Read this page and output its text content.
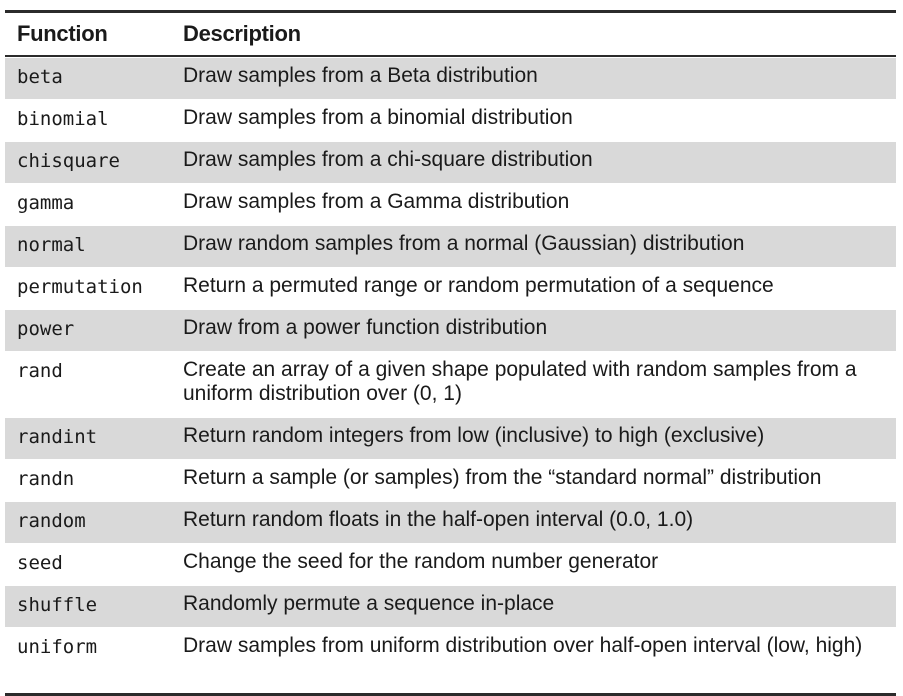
Function	Description
beta	Draw samples from a Beta distribution
binomial	Draw samples from a binomial distribution
chisquare	Draw samples from a chi-square distribution
gamma	Draw samples from a Gamma distribution
normal	Draw random samples from a normal (Gaussian) distribution
permutation	Return a permuted range or random permutation of a sequence
power	Draw from a power function distribution
rand	Create an array of a given shape populated with random samples from a uniform distribution over (0, 1)
randint	Return random integers from low (inclusive) to high (exclusive)
randn	Return a sample (or samples) from the “standard normal” distribution
random	Return random floats in the half-open interval (0.0, 1.0)
seed	Change the seed for the random number generator
shuffle	Randomly permute a sequence in-place
uniform	Draw samples from uniform distribution over half-open interval (low, high)
